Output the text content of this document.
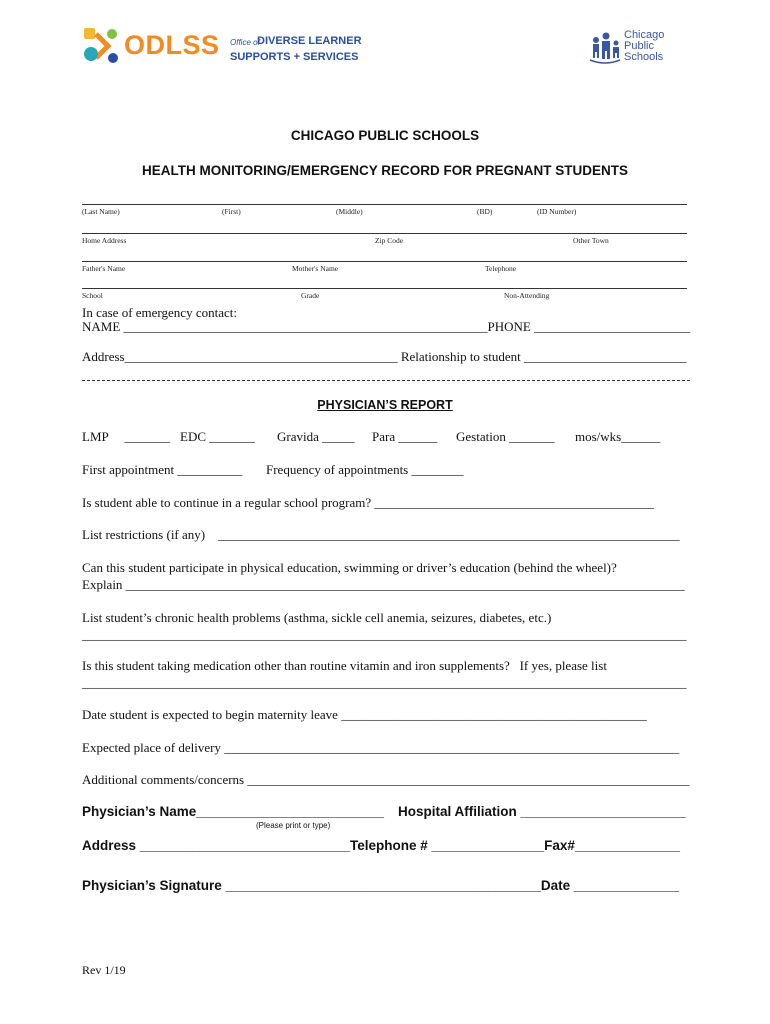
ODLSS Office of
DIVERSE LEARNER
SUPPORTS + SERVICES
Chicago
Public
Schools
CHICAGO PUBLIC SCHOOLS
HEALTH MONITORING/EMERGENCY RECORD FOR PREGNANT STUDENTS
(Last Name)	(First)	(Middle)	(BD)	(ID Number)
Home Address	Zip Code	Other Town
Father's Name	Mother's Name	Telephone
School	Grade	Non-Attending
In case of emergency contact:
NAME ________________________________________________________PHONE ________________________
Address__________________________________________ Relationship to student _________________________
PHYSICIAN’S REPORT
LMP     _______ EDC _______ Gravida _____ Para ______ Gestation _______ mos/wks______
First appointment __________ Frequency of appointments ________
Is student able to continue in a regular school program? ___________________________________________
List restrictions (if any)    _______________________________________________________________________
Can this student participate in physical education, swimming or driver’s education (behind the wheel)?
Explain ______________________________________________________________________________________
List student’s chronic health problems (asthma, sickle cell anemia, seizures, diabetes, etc.)
_____________________________________________________________________________________________
Is this student taking medication other than routine vitamin and iron supplements?   If yes, please list
_____________________________________________________________________________________________
Date student is expected to begin maternity leave _______________________________________________
Expected place of delivery ______________________________________________________________________
Additional comments/concerns ____________________________________________________________________
Physician’s Name_________________________ Hospital Affiliation ______________________
(Please print or type)
Address ____________________________Telephone # _______________Fax#______________
Physician’s Signature __________________________________________Date ______________
Rev 1/19
